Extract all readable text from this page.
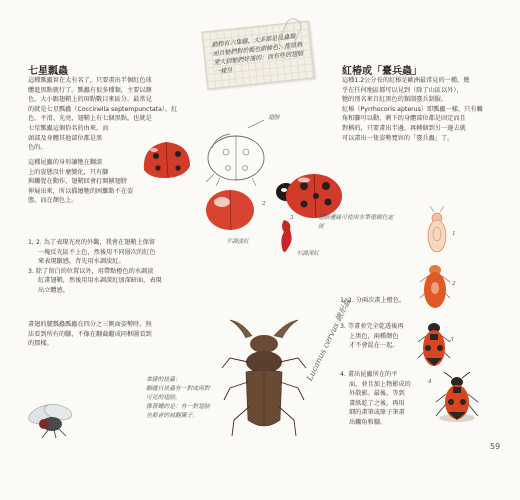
七星瓢蟲

這種瓢蟲實在太有名了，只要畫出半個紅色球

體進黑點就行了。瓢蟲有很多種類，主要以顏

色、大小跟翅鞘上的斑點數目來區分。最常見

的就是七星瓢蟲（Coccinella septempunctata）。紅

色、平滑、光亮，翅鞘上有七個黑點。也就是

七星瓢蟲這個俗名的由來。而

頭部及身體其他部位都是黑

色的。

這種昆蟲的身形讓牠在翻滾

上的姿態沒什麼變化，只有腳

與觸覺在動作，翅鞘回會打開擴翅膀

伸展出來，所以描繪牠的困難點不在姿

態，而在顏色上。

1, 2. 為了表現光亮的外觀，我會在翅鞘上保留

一塊反光區不上色，然後用不同層次的紅色

來表現皺感，背先用水調淡紅。

3. 除了留白的位置以外，用帶點橙色的水調淡

紅畫翅鞘，然後用用水調深紅加深暗面，表現

出立體感。

畫翅的腿瓢蟲瓢蟲在四分之三側面姿勢時，無

法看到所有的腳，不像在翻截繼成同框圖看到

的那樣。

動物有六隻腳，大多都是昆蟲類，而且牠們對於藍色跟綠色，都很熱愛大到牠們好運的：而有些的翅膀一樣身
翅膀
1
2
3	翅膀邊緣可使用水筆重刷色定斑
平調淡紅
平調深紅
紅椿或「臺兵蟲」

這種1.2公分長的紅椿是歐洲最常見的一種，幾

乎在任何地區都可以見到（除了山區以外），

牠的別名來自紅黑色的類制臺兵制服。

紅椿（Pyrrhocoris apterus）即瓢蟲一樣，只有觸

角和腳可以動，剩下的身體部位都是固定而且

對稱的，只要畫出半邊，再轉個到另一邊去就

可以畫出一隻姿勢寬容的「臺兵蟲」了。

1, 2. 分兩次畫上橙色。

3. 等畫並完全乾透後再

上黑色，兩種顏色

才不會混在一起。

4. 畫出昆蟲所在的平

面，並且加上物影成的

外散影。最後，等到

畫紙乾了之後，再用

細的畫筆或原子筆畫

出觸角和腳。

1
2
3
4
Lucanus cervus 鍬形蟲

拿捷的昆蟲：

翻越日昆蟲有一對或兩對

可見的翅膀，

像蒼蠅的是：有一對翅膀

也都會的被翻翼子。

59
